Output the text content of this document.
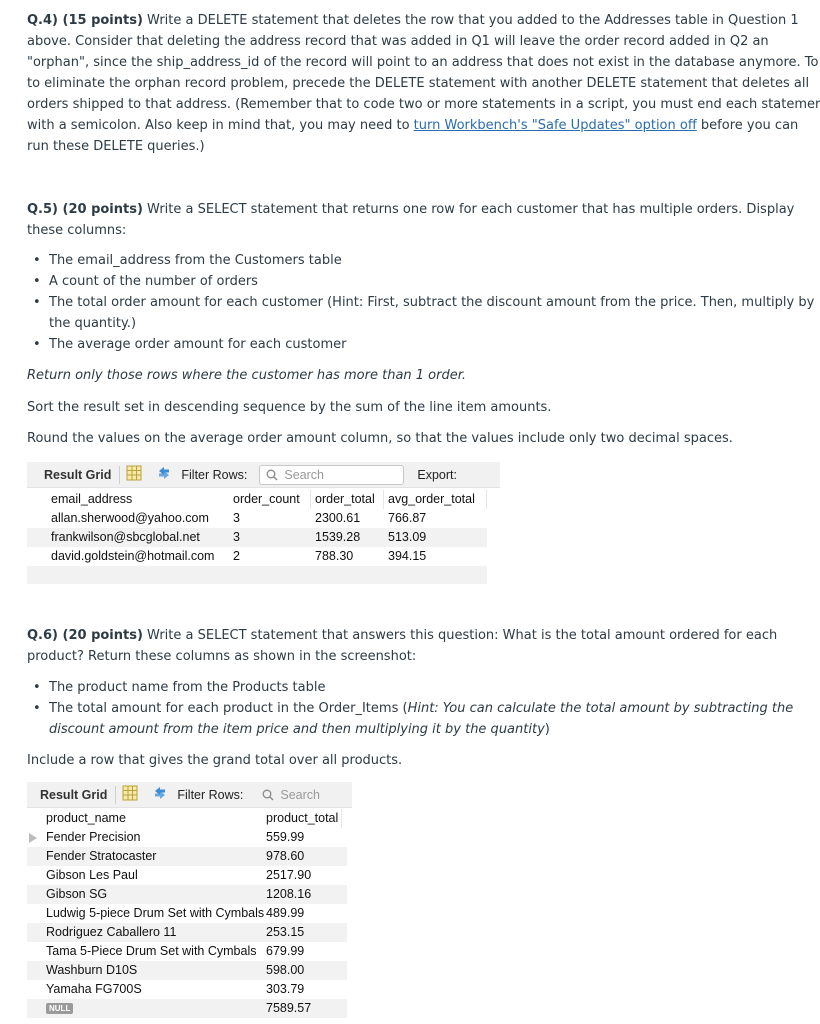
Q.4) (15 points) Write a DELETE statement that deletes the row that you added to the Addresses table in Question 1
above. Consider that deleting the address record that was added in Q1 will leave the order record added in Q2 an
"orphan", since the ship_address_id of the record will point to an address that does not exist in the database anymore. To
to eliminate the orphan record problem, precede the DELETE statement with another DELETE statement that deletes all
orders shipped to that address. (Remember that to code two or more statements in a script, you must end each statemer
with a semicolon. Also keep in mind that, you may need to turn Workbench's "Safe Updates" option off before you can
run these DELETE queries.)
Q.5) (20 points) Write a SELECT statement that returns one row for each customer that has multiple orders. Display
these columns:
• The email_address from the Customers table
• A count of the number of orders
• The total order amount for each customer (Hint: First, subtract the discount amount from the price. Then, multiply by
the quantity.)
• The average order amount for each customer
Return only those rows where the customer has more than 1 order.
Sort the result set in descending sequence by the sum of the line item amounts.
Round the values on the average order amount column, so that the values include only two decimal spaces.
Result Grid	Filter Rows:	Search	Export:
email_address	order_count	order_total	avg_order_total
allan.sherwood@yahoo.com	3	2300.61	766.87
frankwilson@sbcglobal.net	3	1539.28	513.09
david.goldstein@hotmail.com	2	788.30	394.15
Q.6) (20 points) Write a SELECT statement that answers this question: What is the total amount ordered for each
product? Return these columns as shown in the screenshot:
• The product name from the Products table
• The total amount for each product in the Order_Items (Hint: You can calculate the total amount by subtracting the
discount amount from the item price and then multiplying it by the quantity)
Include a row that gives the grand total over all products.
Result Grid	Filter Rows:	Search
product_name	product_total
Fender Precision	559.99
Fender Stratocaster	978.60
Gibson Les Paul	2517.90
Gibson SG	1208.16
Ludwig 5-piece Drum Set with Cymbals 489.99
Rodriguez Caballero 11	253.15
Tama 5-Piece Drum Set with Cymbals 679.99
Washburn D10S	598.00
Yamaha FG700S	303.79
NULL	7589.57
